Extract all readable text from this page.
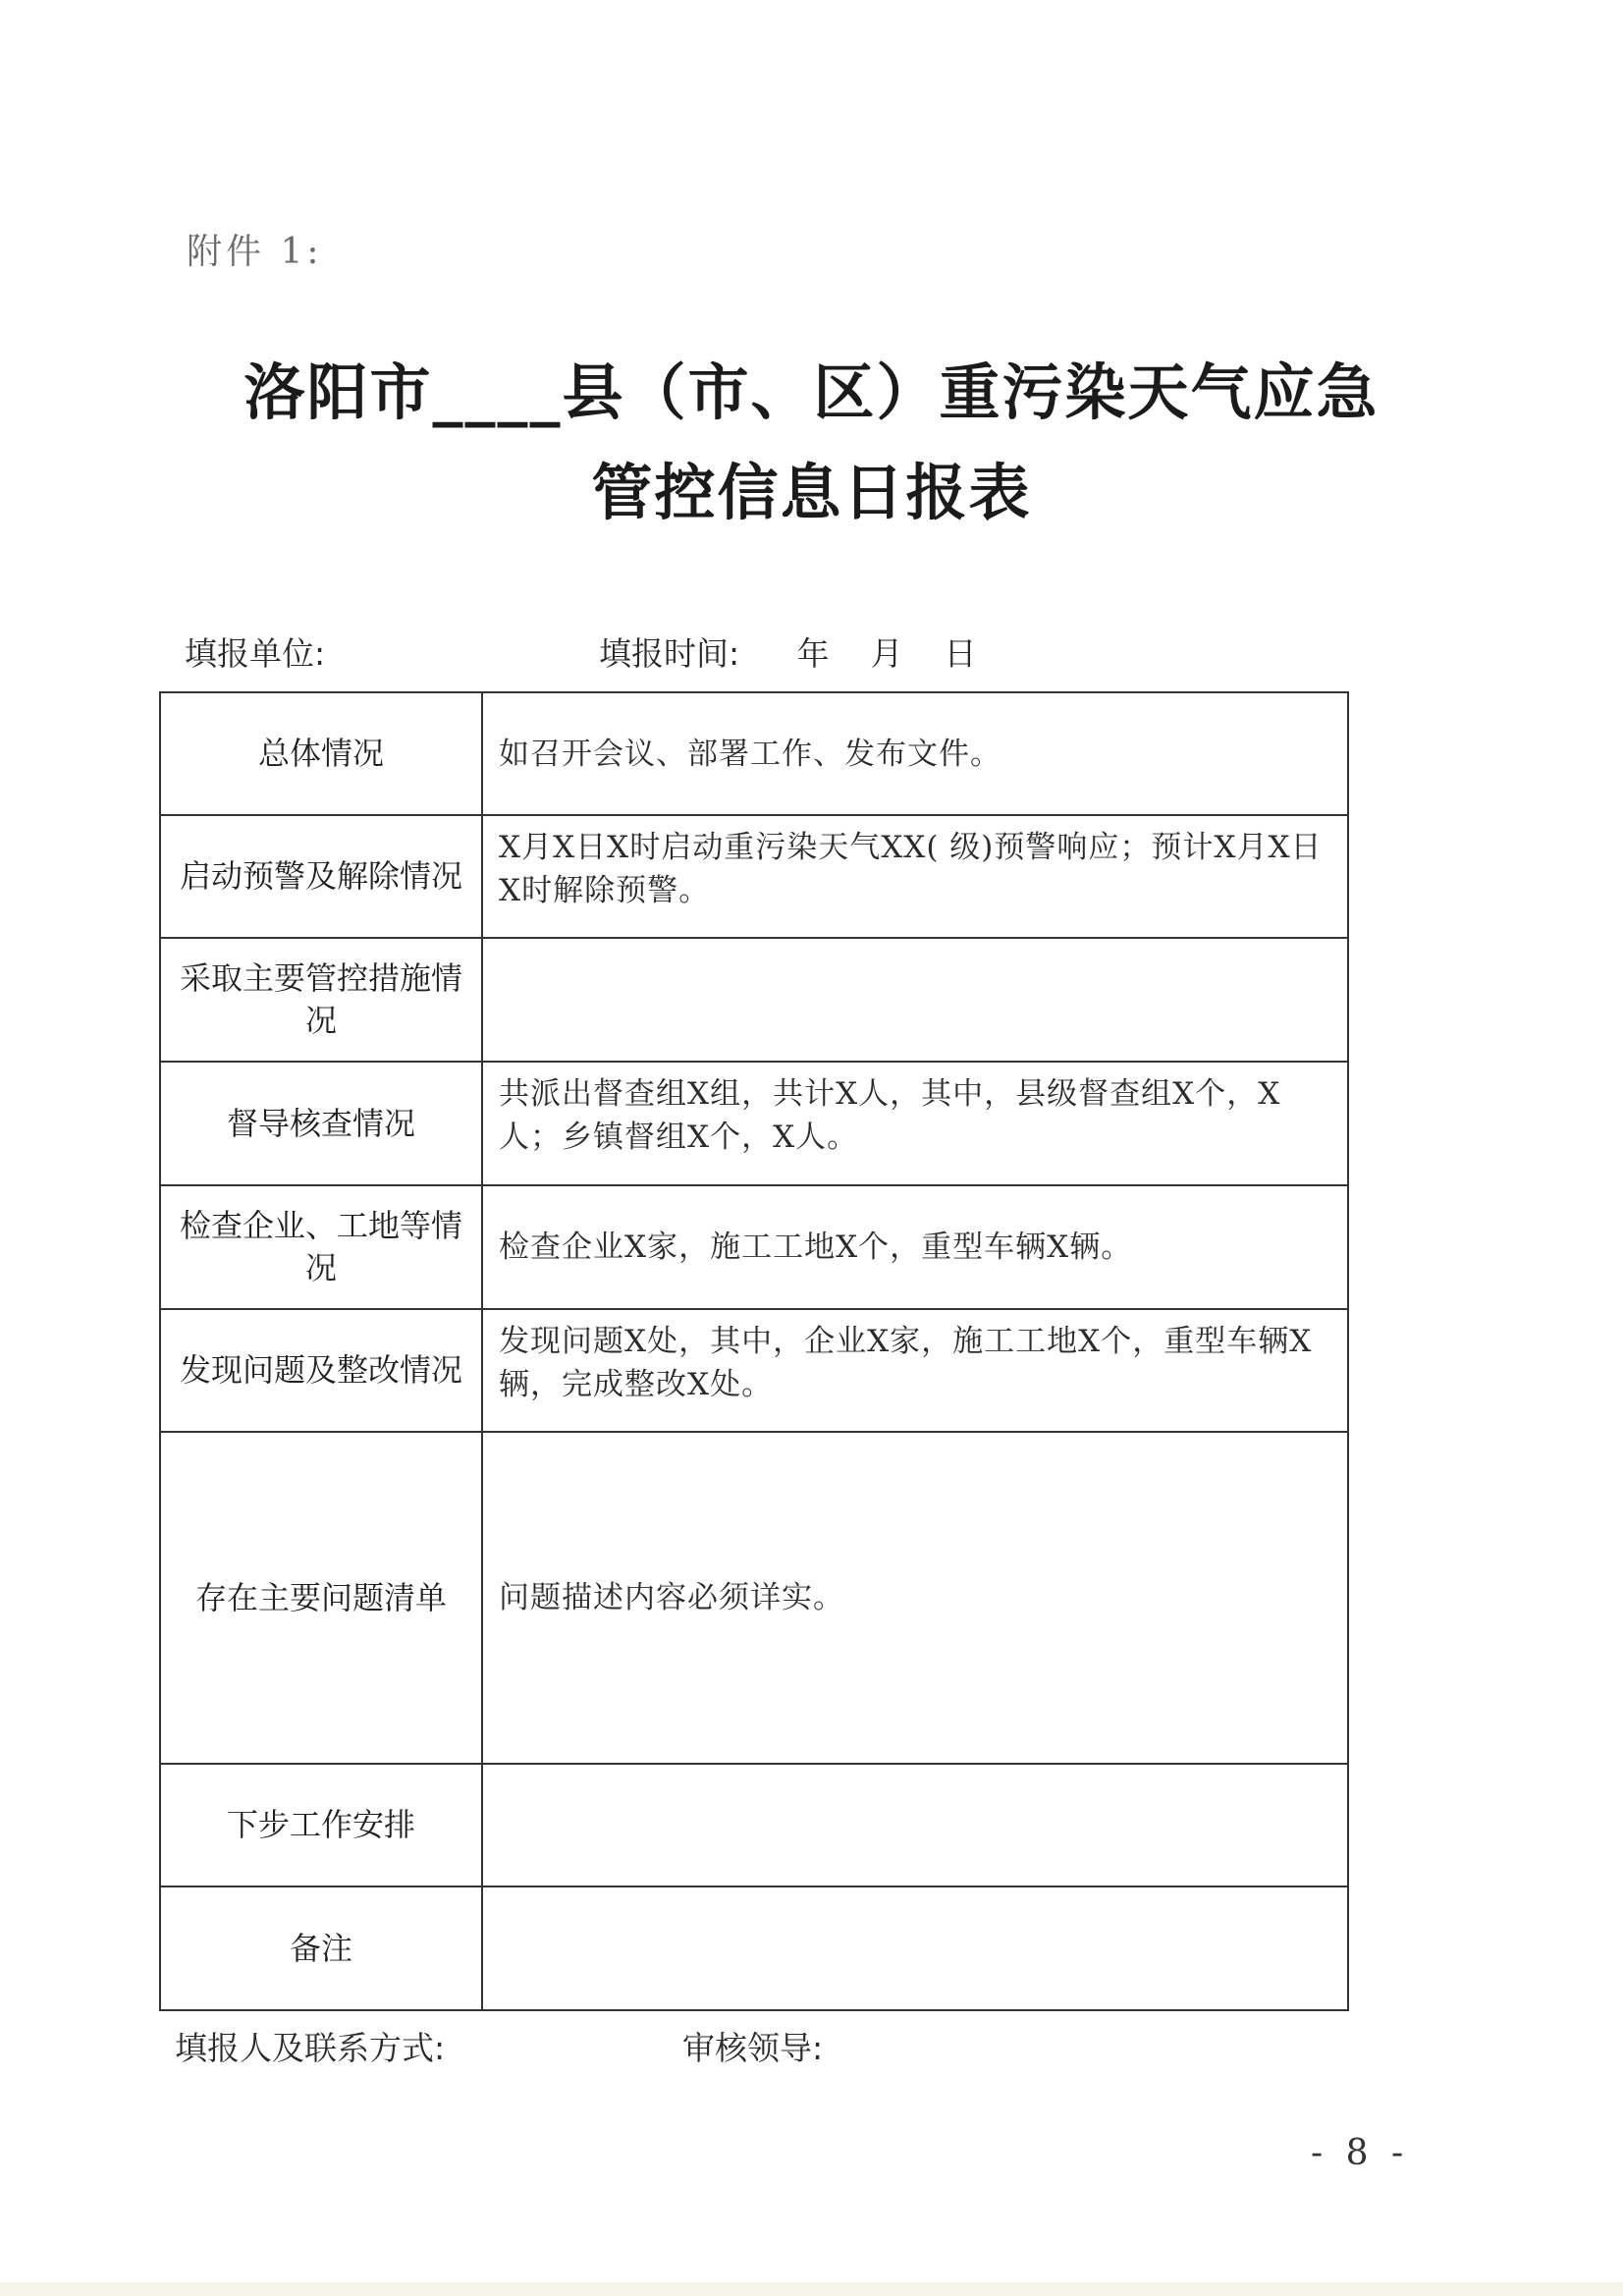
附件 1:
洛阳市____县（市、区）重污染天气应急
管控信息日报表
填报单位:	填报时间: 年    月    日
总体情况	如召开会议、部署工作、发布文件。
启动预警及解除情况	X月X日X时启动重污染天气XX( 级)预警响应；预计X月X日X时解除预警。
采取主要管控措施情况	
督导核查情况	共派出督查组X组，共计X人，其中，县级督查组X个，X人；乡镇督组X个，X人。
检查企业、工地等情况	检查企业X家，施工工地X个，重型车辆X辆。
发现问题及整改情况	发现问题X处，其中，企业X家，施工工地X个，重型车辆X辆，完成整改X处。
存在主要问题清单	问题描述内容必须详实。
下步工作安排	
备注	
填报人及联系方式:	审核领导:
- 8 -
